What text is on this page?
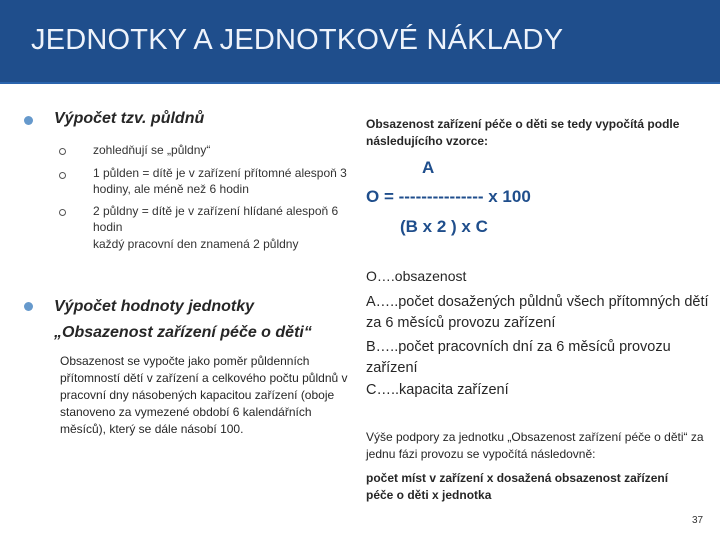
JEDNOTKY A JEDNOTKOVÉ NÁKLADY
Výpočet tzv. půldnů
zohledňují se „půldny“
1 půlden = dítě je v zařízení přítomné alespoň 3 hodiny, ale méně než 6 hodin
2 půldny = dítě je v zařízení hlídané alespoň 6 hodin
každý pracovní den znamená 2 půldny
Výpočet hodnoty jednotky
„Obsazenost zařízení péče o děti“
Obsazenost se vypočte jako poměr půldenních přítomností dětí v zařízení a celkového počtu půldnů v pracovní dny násobených kapacitou zařízení (oboje stanoveno za vymezené období 6 kalendářních měsíců), který se dále násobí 100.
Obsazenost zařízení péče o děti se tedy vypočítá podle následujícího vzorce:
A
O = --------------- x 100
(B x 2 ) x C
O….obsazenost
A…..počet dosažených půldnů všech přítomných dětí za 6 měsíců provozu zařízení
B…..počet pracovních dní za 6 měsíců provozu zařízení
C…..kapacita zařízení
Výše podpory za jednotku „Obsazenost zařízení péče o děti“ za jednu fázi provozu se vypočítá následovně:
počet míst v zařízení x dosažená obsazenost zařízení péče o děti x jednotka
37
